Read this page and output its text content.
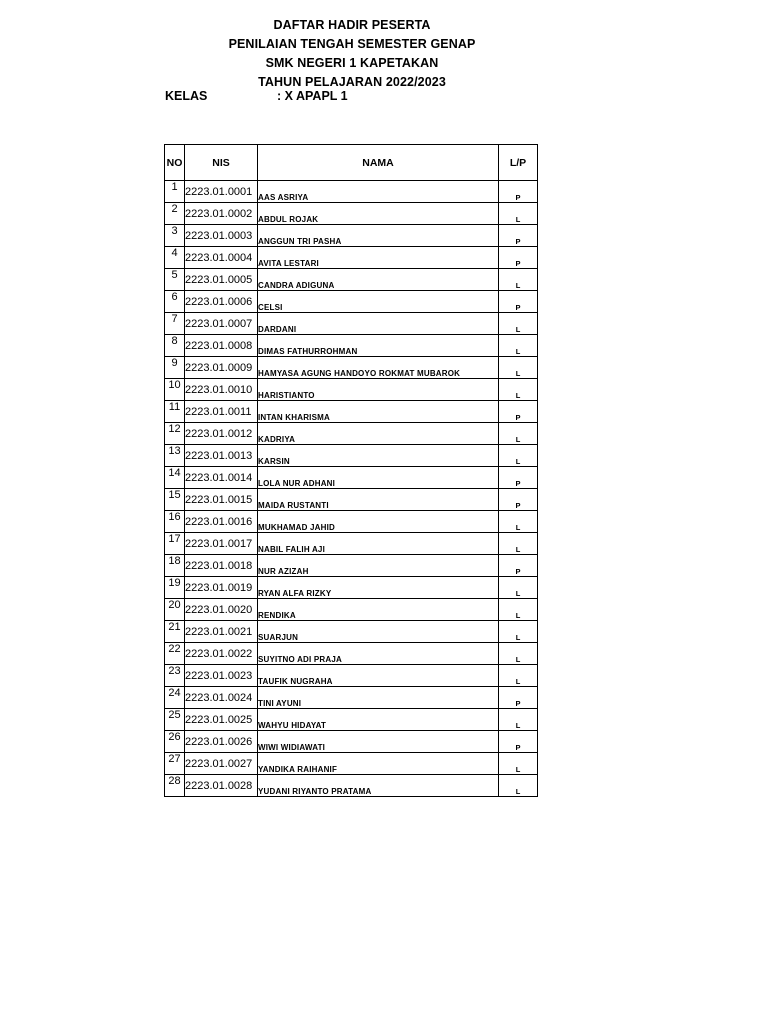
DAFTAR HADIR PESERTA
PENILAIAN TENGAH SEMESTER GENAP
SMK NEGERI 1 KAPETAKAN
TAHUN PELAJARAN 2022/2023
KELAS	: X APAPL 1
NO	NIS	NAMA	L/P
1	2223.01.0001	AAS ASRIYA	P
2	2223.01.0002	ABDUL ROJAK	L
3	2223.01.0003	ANGGUN TRI PASHA	P
4	2223.01.0004	AVITA LESTARI	P
5	2223.01.0005	CANDRA ADIGUNA	L
6	2223.01.0006	CELSI	P
7	2223.01.0007	DARDANI	L
8	2223.01.0008	DIMAS FATHURROHMAN	L
9	2223.01.0009	HAMYASA AGUNG HANDOYO ROKMAT MUBAROK	L
10	2223.01.0010	HARISTIANTO	L
11	2223.01.0011	INTAN KHARISMA	P
12	2223.01.0012	KADRIYA	L
13	2223.01.0013	KARSIN	L
14	2223.01.0014	LOLA NUR ADHANI	P
15	2223.01.0015	MAIDA RUSTANTI	P
16	2223.01.0016	MUKHAMAD JAHID	L
17	2223.01.0017	NABIL FALIH AJI	L
18	2223.01.0018	NUR AZIZAH	P
19	2223.01.0019	RYAN ALFA RIZKY	L
20	2223.01.0020	RENDIKA	L
21	2223.01.0021	SUARJUN	L
22	2223.01.0022	SUYITNO ADI PRAJA	L
23	2223.01.0023	TAUFIK NUGRAHA	L
24	2223.01.0024	TINI AYUNI	P
25	2223.01.0025	WAHYU HIDAYAT	L
26	2223.01.0026	WIWI WIDIAWATI	P
27	2223.01.0027	YANDIKA RAIHANIF	L
28	2223.01.0028	YUDANI RIYANTO PRATAMA	L
